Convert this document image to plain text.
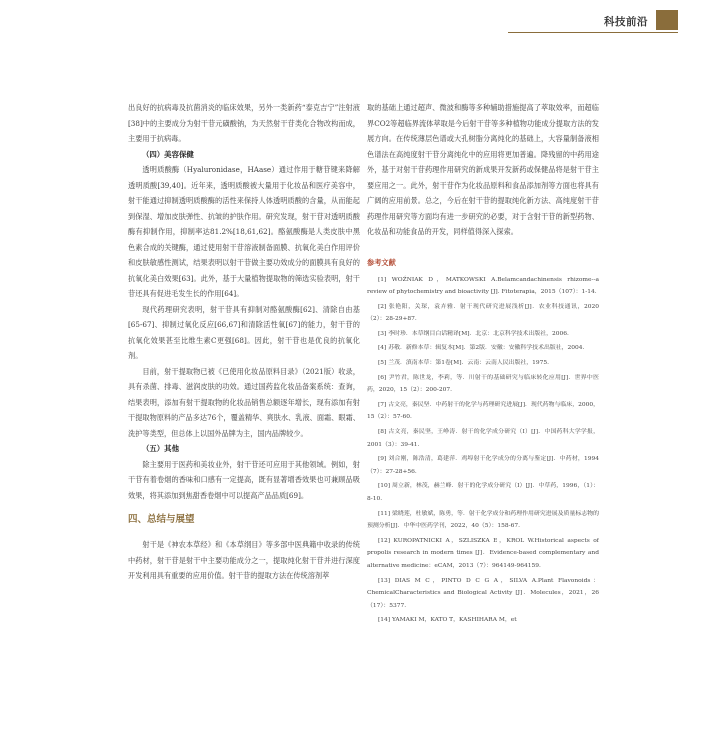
科技前沿

出良好的抗病毒及抗菌消炎的临床效果，另外一类新药“泰克吉宁”注射液[38]中的主要成分为射干苷元磺酸钠，为天然射干苷类化合物改构而成，主要用于抗病毒。

（四）美容保健

透明质酸酶（Hyaluronidase，HAase）通过作用于糖苷键来降解透明质酸[39,40]。近年来，透明质酸被大量用于化妆品和医疗美容中，射干能通过抑制透明质酸酶的活性来保持人体透明质酸的含量，从而能起到保湿、增加皮肤弹性、抗皱的护肤作用。研究发现，射干苷对透明质酸酶有抑制作用，抑制率达81.2%[18,61,62]。酪氨酸酶是人类皮肤中黑色素合成的关键酶，通过使用射干苷溶液制备面膜、抗氧化美白作用评价和皮肤敏感性测试，结果表明以射干苷做主要功效成分的面膜具有良好的抗氧化美白效果[63]。此外，基于大量植物提取物的筛选实验表明，射干苷还具有促进毛发生长的作用[64]。

现代药理研究表明，射干苷具有抑制对酪氨酸酶[62]、清除自由基[65-67]、抑制过氧化反应[66,67]和清除活性氧[67]的能力，射干苷的抗氧化效果甚至比维生素C更强[68]。因此，射干苷也是优良的抗氧化剂。

目前，射干提取物已被《已使用化妆品原料目录》（2021版）收录，具有杀菌、排毒、滋润皮肤的功效。通过国药监化妆品备案系统：查询，结果表明，添加有射干提取物的化妆品销售总额逐年增长，现有添加有射干提取物原料的产品多达76个，覆盖精华、爽肤水、乳液、面霜、眼霜、洗护等类型，但总体上以国外品牌为主，国内品牌较少。

（五）其他

除主要用于医药和美妆业外，射干苷还可应用于其他领域。例如，射干苷有着卷烟的香味和口感有一定提高，既有显著增香效果也可兼顾品吸效果，将其添加到焦甜香卷烟中可以提高产品品质[69]。

四、总结与展望

射干是《神农本草经》和《本草纲目》等多部中医典籍中收录的传统中药材，射干苷是射干中主要功能成分之一，提取纯化射干苷并进行深度开发利用具有重要的应用价值。射干苷的提取方法在传统溶剂萃

取的基础上通过超声、微波和酶等多种辅助措施提高了萃取效率，而超临界CO2等超临界流体萃取是今后射干苷等多种植物功能成分提取方法的发展方向。在传统薄层色谱或大孔树脂分离纯化的基础上，大容量制备液相色谱法在高纯度射干苷分离纯化中的应用将更加普遍。降残留的中药用途外，基于对射干苷药理作用研究的新成果开发新药或保健品将是射干苷主要应用之一。此外，射干苷作为化妆品原料和食品添加剂等方面也将具有广阔的应用前景。总之，今后在射干苷的提取纯化新方法、高纯度射干苷药理作用研究等方面均有进一步研究的必要，对于含射干苷的新型药物、化妆品和功能食品的开发，同样值得深入探索。

参考文献

[1] WOŹNIAK D，MATKOWSKI A.Belamcandachinensis rhizome--a review of phytochemistry and bioactivity [J]. Fitoterapia，2015（107）：1-14.

[2] 张艳阳，关琛，袁卉雅．射干现代研究进展浅析[J]．农业科技通讯，2020（2）：28-29+87.

[3] 李时珍．本草纲目白话精译[M]．北京：北京科学技术出版社，2006.

[4] 苏敬．新修本草：辑复本[M]．第2版．安徽：安徽科学技术出版社，2004.

[5] 兰茂．滇南本草：第1卷[M]．云南：云南人民出版社，1975.

[6] 尹竹君，陈世龙，李莉，等．川射干的基础研究与临床转化应用[J]．世界中医药，2020，15（2）：200-207.

[7] 古文亮，秦民坚．中药射干的化学与药理研究进展[J]．现代药物与临床，2000，15（2）：57-60.

[8] 古文亮，秦民坚，王峥涛．射干的化学成分研究（I）[J]．中国药科大学学报，2001（3）：39-41.

[9] 刘合刚，陈浩清，葛建萍．鸡埠射干化学成分的分离与鉴定[J]．中药材，1994（7）：27-28+56.

[10] 周立新，林茂，赫兰峰．射干的化学成分研究（I）[J]．中草药，1996，（1）：8-10.

[11] 梁晓莲，杜敏斌，陈勇，等．射干化学成分和药理作用研究进展及质量标志物的预测分析[J]．中华中医药学刊，2022，40（5）：158-67.

[12] KUROPATNICKI A，SZLISZKA E，KROL W.Historical aspects of propolis research in modern times [J]．Evidence-based complementary and alternative medicine：eCAM，2013（7）：964149-964159.

[13] DIAS M C，PINTO D C G A，SILVA A.Plant Flavonoids：ChemicalCharacteristics and Biological Activity [J]．Molecules，2021，26（17）：5377.

[14] YAMAKI M，KATO T，KASHIHARA M，et
